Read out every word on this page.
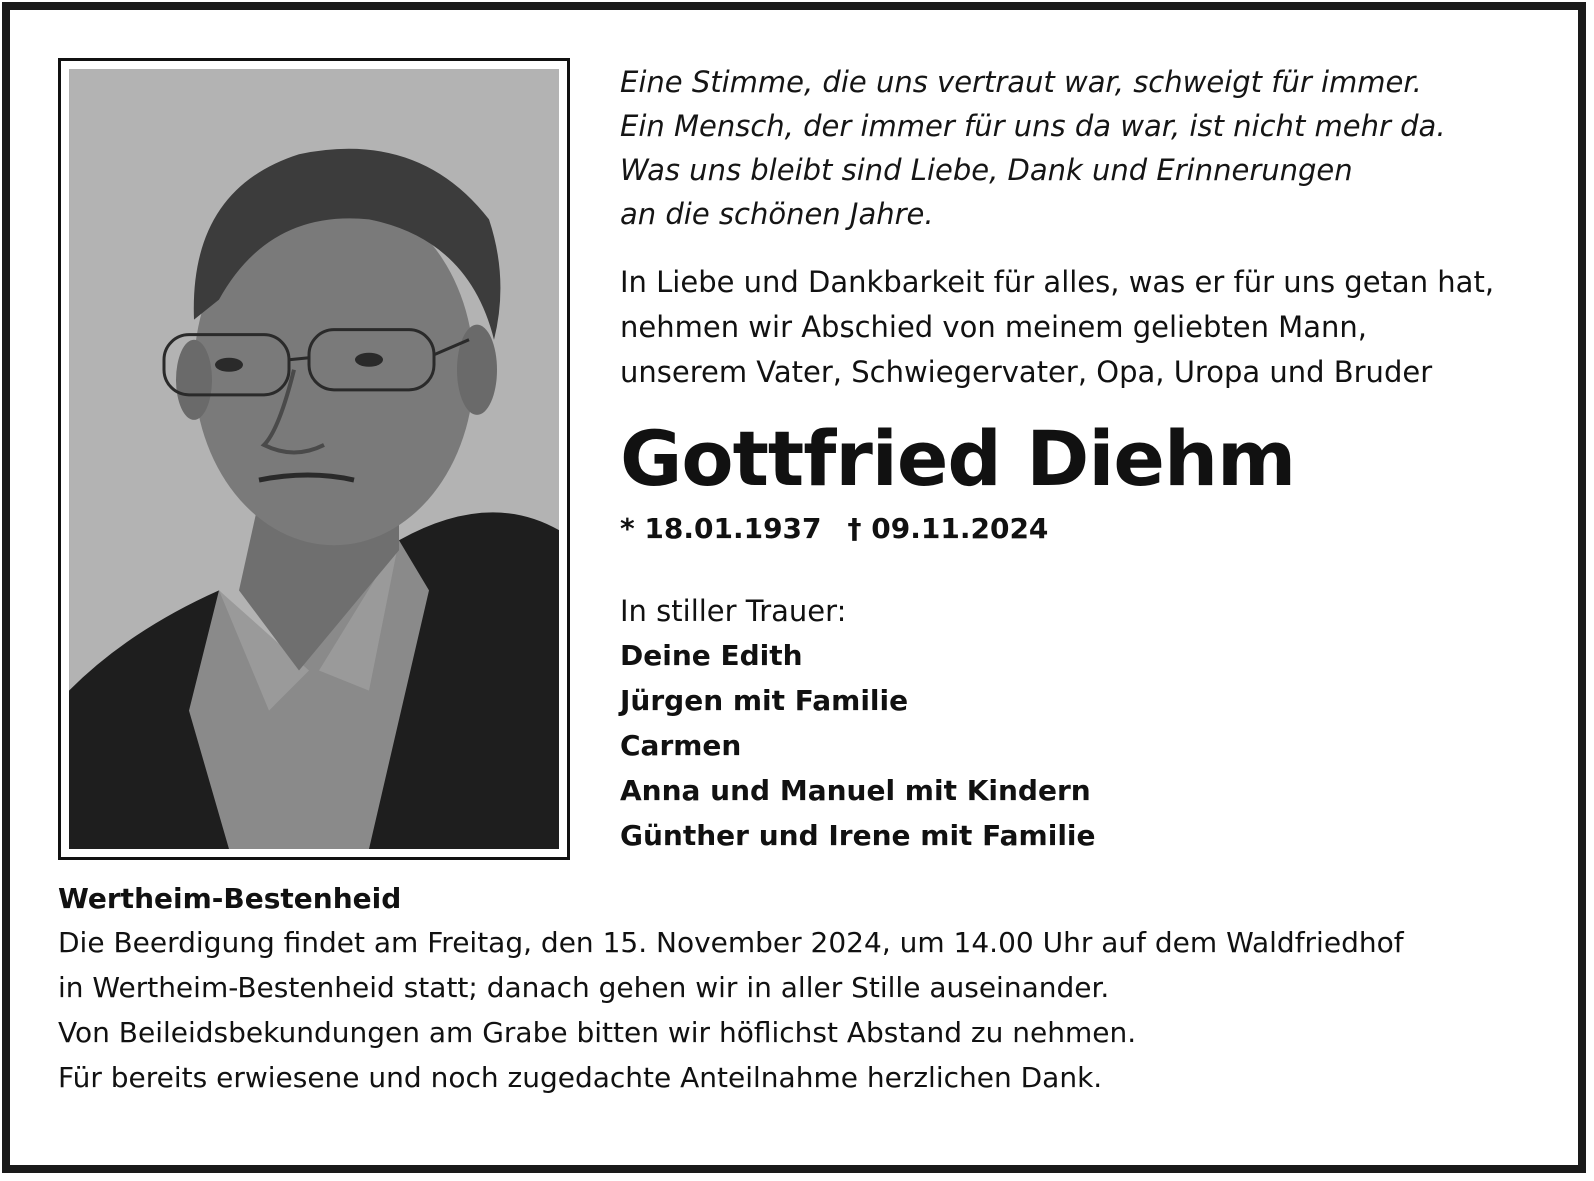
Eine Stimme, die uns vertraut war, schweigt für immer.
Ein Mensch, der immer für uns da war, ist nicht mehr da.
Was uns bleibt sind Liebe, Dank und Erinnerungen
an die schönen Jahre.
In Liebe und Dankbarkeit für alles, was er für uns getan hat,
nehmen wir Abschied von meinem geliebten Mann,
unserem Vater, Schwiegervater, Opa, Uropa und Bruder
Gottfried Diehm
* 18.01.1937 † 09.11.2024
In stiller Trauer:
Deine Edith
Jürgen mit Familie
Carmen
Anna und Manuel mit Kindern
Günther und Irene mit Familie
Wertheim-Bestenheid
Die Beerdigung findet am Freitag, den 15. November 2024, um 14.00 Uhr auf dem Waldfriedhof
in Wertheim-Bestenheid statt; danach gehen wir in aller Stille auseinander.
Von Beileidsbekundungen am Grabe bitten wir höflichst Abstand zu nehmen.
Für bereits erwiesene und noch zugedachte Anteilnahme herzlichen Dank.
